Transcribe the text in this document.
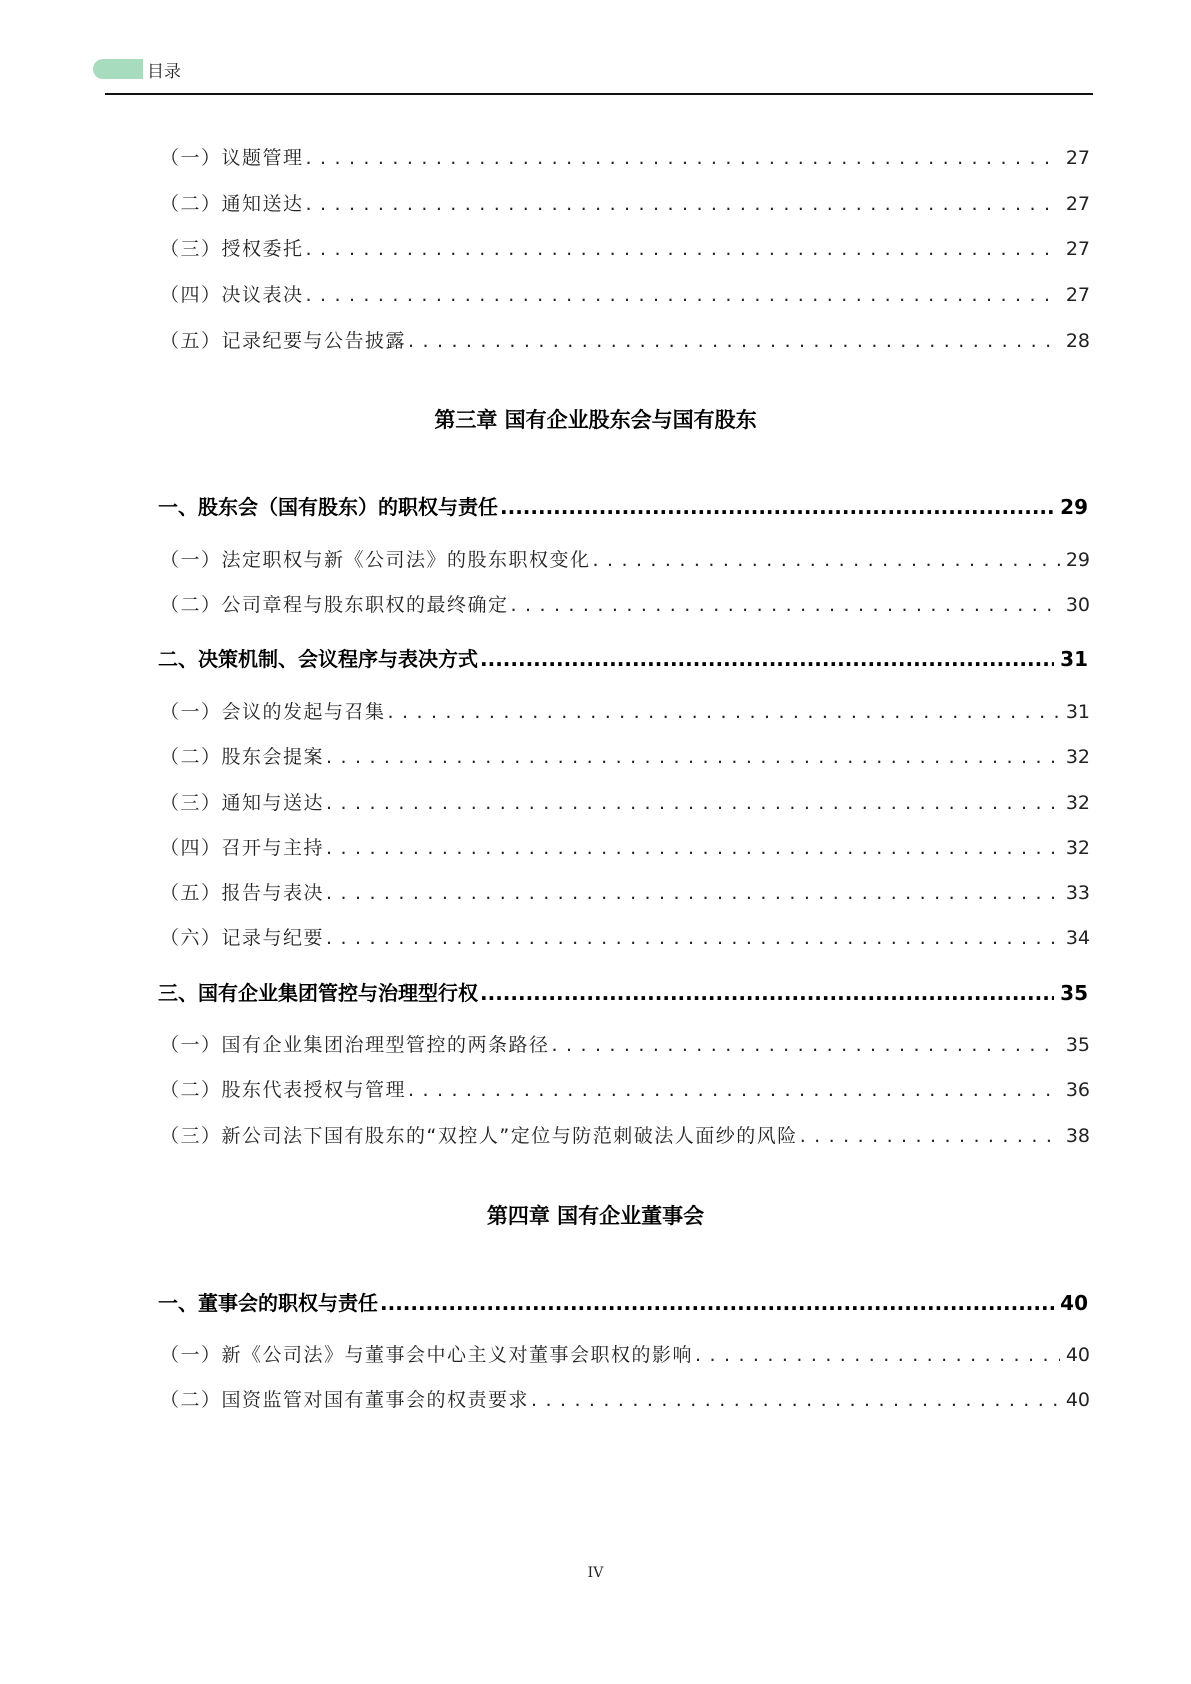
目录
（一）议题管理 . . .	27
（二）通知送达 . . .	27
（三）授权委托 . . .	27
（四）决议表决 . . .	27
（五）记录纪要与公告披露 . . .	28
第三章 国有企业股东会与国有股东
一、股东会（国有股东）的职权与责任 .....	29
（一）法定职权与新《公司法》的股东职权变化 . . .	29
（二）公司章程与股东职权的最终确定 . . .	30
二、决策机制、会议程序与表决方式 .....	31
（一）会议的发起与召集 . . .	31
（二）股东会提案 . . .	32
（三）通知与送达 . . .	32
（四）召开与主持 . . .	32
（五）报告与表决 . . .	33
（六）记录与纪要 . . .	34
三、国有企业集团管控与治理型行权 .....	35
（一）国有企业集团治理型管控的两条路径 . . .	35
（二）股东代表授权与管理 . . .	36
（三）新公司法下国有股东的“双控人”定位与防范刺破法人面纱的风险 . . .	38
第四章 国有企业董事会
一、董事会的职权与责任 .....	40
（一）新《公司法》与董事会中心主义对董事会职权的影响 . . .	40
（二）国资监管对国有董事会的权责要求 . . .	40
IV
